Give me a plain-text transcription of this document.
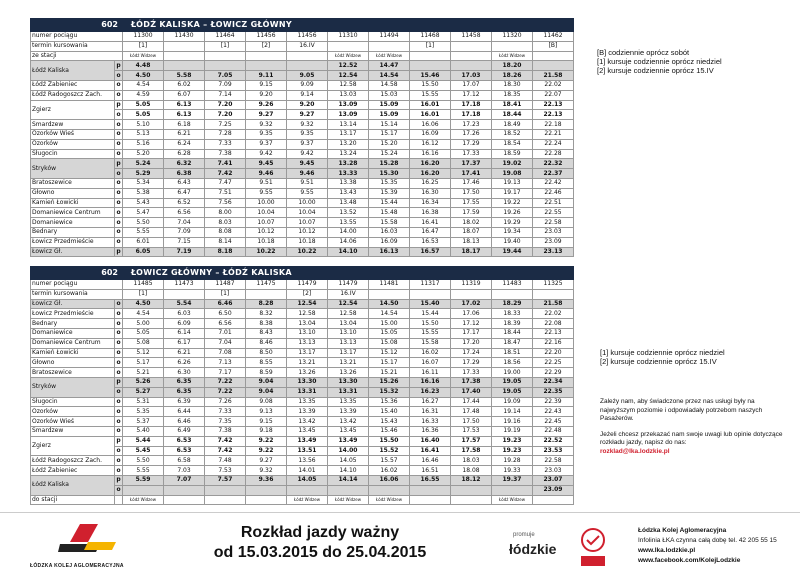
602		ŁÓDŹ KALISKA – ŁOWICZ GŁÓWNY										
numer pociągu		11300	11430	11464	11456	11456	11310	11494	11468	11458	11320	11462
termin kursowania		[1]		[1]	[2]	16.IV			[1]			[B]
ze stacji		Łódź Widzew					Łódź Widzew	Łódź Widzew			Łódź Widzew	
Łódź Kaliska	p	4.48					12.52	14.47			18.20	
	o	4.50	5.58	7.05	9.11	9.05	12.54	14.54	15.46	17.03	18.26	21.58
Łódź Żabieniec	o	4.54	6.02	7.09	9.15	9.09	12.58	14.58	15.50	17.07	18.30	22.02
Łódź Radogoszcz Zach.	o	4.59	6.07	7.14	9.20	9.14	13.03	15.03	15.55	17.12	18.35	22.07
Zgierz	p	5.05	6.13	7.20	9.26	9.20	13.09	15.09	16.01	17.18	18.41	22.13
	o	5.05	6.13	7.20	9.27	9.27	13.09	15.09	16.01	17.18	18.44	22.13
Smardzew	o	5.10	6.18	7.25	9.32	9.32	13.14	15.14	16.06	17.23	18.49	22.18
Ozorków Wieś	o	5.13	6.21	7.28	9.35	9.35	13.17	15.17	16.09	17.26	18.52	22.21
Ozorków	o	5.16	6.24	7.33	9.37	9.37	13.20	15.20	16.12	17.29	18.54	22.24
Sługocin	o	5.20	6.28	7.38	9.42	9.42	13.24	15.24	16.16	17.33	18.59	22.28
Stryków	p	5.24	6.32	7.41	9.45	9.45	13.28	15.28	16.20	17.37	19.02	22.32
	o	5.29	6.38	7.42	9.46	9.46	13.33	15.30	16.20	17.41	19.08	22.37
Bratoszewice	o	5.34	6.43	7.47	9.51	9.51	13.38	15.35	16.25	17.46	19.13	22.42
Głowno	o	5.38	6.47	7.51	9.55	9.55	13.43	15.39	16.30	17.50	19.17	22.46
Kamień Łowicki	o	5.43	6.52	7.56	10.00	10.00	13.48	15.44	16.34	17.55	19.22	22.51
Domaniewice Centrum	o	5.47	6.56	8.00	10.04	10.04	13.52	15.48	16.38	17.59	19.26	22.55
Domaniewice	o	5.50	7.04	8.03	10.07	10.07	13.55	15.58	16.41	18.02	19.29	22.58
Bednary	o	5.55	7.09	8.08	10.12	10.12	14.00	16.03	16.47	18.07	19.34	23.03
Łowicz Przedmieście	o	6.01	7.15	8.14	10.18	10.18	14.06	16.09	16.53	18.13	19.40	23.09
Łowicz Gł.	p	6.05	7.19	8.18	10.22	10.22	14.10	16.13	16.57	18.17	19.44	23.13
602		ŁOWICZ GŁÓWNY – ŁÓDŹ KALISKA										
numer pociągu		11485	11473	11487	11475	11479	11479	11481	11317	11319	11483	11325
termin kursowania		[1]		[1]		[2]	16.IV					
Łowicz Gł.	o	4.50	5.54	6.46	8.28	12.54	12.54	14.50	15.40	17.02	18.29	21.58
Łowicz Przedmieście	o	4.54	6.03	6.50	8.32	12.58	12.58	14.54	15.44	17.06	18.33	22.02
Bednary	o	5.00	6.09	6.56	8.38	13.04	13.04	15.00	15.50	17.12	18.39	22.08
Domaniewice	o	5.05	6.14	7.01	8.43	13.10	13.10	15.05	15.55	17.17	18.44	22.13
Domaniewice Centrum	o	5.08	6.17	7.04	8.46	13.13	13.13	15.08	15.58	17.20	18.47	22.16
Kamień Łowicki	o	5.12	6.21	7.08	8.50	13.17	13.17	15.12	16.02	17.24	18.51	22.20
Głowno	o	5.17	6.26	7.13	8.55	13.21	13.21	15.17	16.07	17.29	18.56	22.25
Bratoszewice	o	5.21	6.30	7.17	8.59	13.26	13.26	15.21	16.11	17.33	19.00	22.29
Stryków	p	5.26	6.35	7.22	9.04	13.30	13.30	15.26	16.16	17.38	19.05	22.34
	o	5.27	6.35	7.22	9.04	13.31	13.31	15.32	16.23	17.40	19.05	22.35
Sługocin	o	5.31	6.39	7.26	9.08	13.35	13.35	15.36	16.27	17.44	19.09	22.39
Ozorków	o	5.35	6.44	7.33	9.13	13.39	13.39	15.40	16.31	17.48	19.14	22.43
Ozorków Wieś	o	5.37	6.46	7.35	9.15	13.42	13.42	15.43	16.33	17.50	19.16	22.45
Smardzew	o	5.40	6.49	7.38	9.18	13.45	13.45	15.46	16.36	17.53	19.19	22.48
Zgierz	p	5.44	6.53	7.42	9.22	13.49	13.49	15.50	16.40	17.57	19.23	22.52
	o	5.45	6.53	7.42	9.22	13.51	14.00	15.52	16.41	17.58	19.23	23.53
Łódź Radogoszcz Zach.	o	5.50	6.58	7.48	9.27	13.56	14.05	15.57	16.46	18.03	19.28	22.58
Łódź Żabieniec	o	5.55	7.03	7.53	9.32	14.01	14.10	16.02	16.51	18.08	19.33	23.03
Łódź Kaliska	p	5.59	7.07	7.57	9.36	14.05	14.14	16.06	16.55	18.12	19.37	23.07
	o											23.09
do stacji		Łódź Widzew				Łódź Widzew	Łódź Widzew	Łódź Widzew			Łódź Widzew	
[B] codziennie oprócz sobót
[1] kursuje codziennie oprócz niedziel
[2] kursuje codziennie oprócz 15.IV
[1] kursuje codziennie oprócz niedziel
[2] kursuje codziennie oprócz 15.IV
Zależy nam, aby świadczone przez nas usługi były na najwyższym poziomie i odpowiadały potrzebom naszych Pasażerów.
Jeżeli chcesz przekazać nam swoje uwagi lub opinie dotyczące rozkładu jazdy, napisz do nas:
rozklad@lka.lodzkie.pl
ŁÓDZKA KOLEJ AGLOMERACYJNA
Rozkład jazdy ważny
od 15.03.2015 do 25.04.2015
promuje
łódzkie
Łódzka Kolej Aglomeracyjna
Infolinia ŁKA czynna całą dobę tel. 42 205 55 15
www.lka.lodzkie.pl
www.facebook.com/KolejLodzkie
